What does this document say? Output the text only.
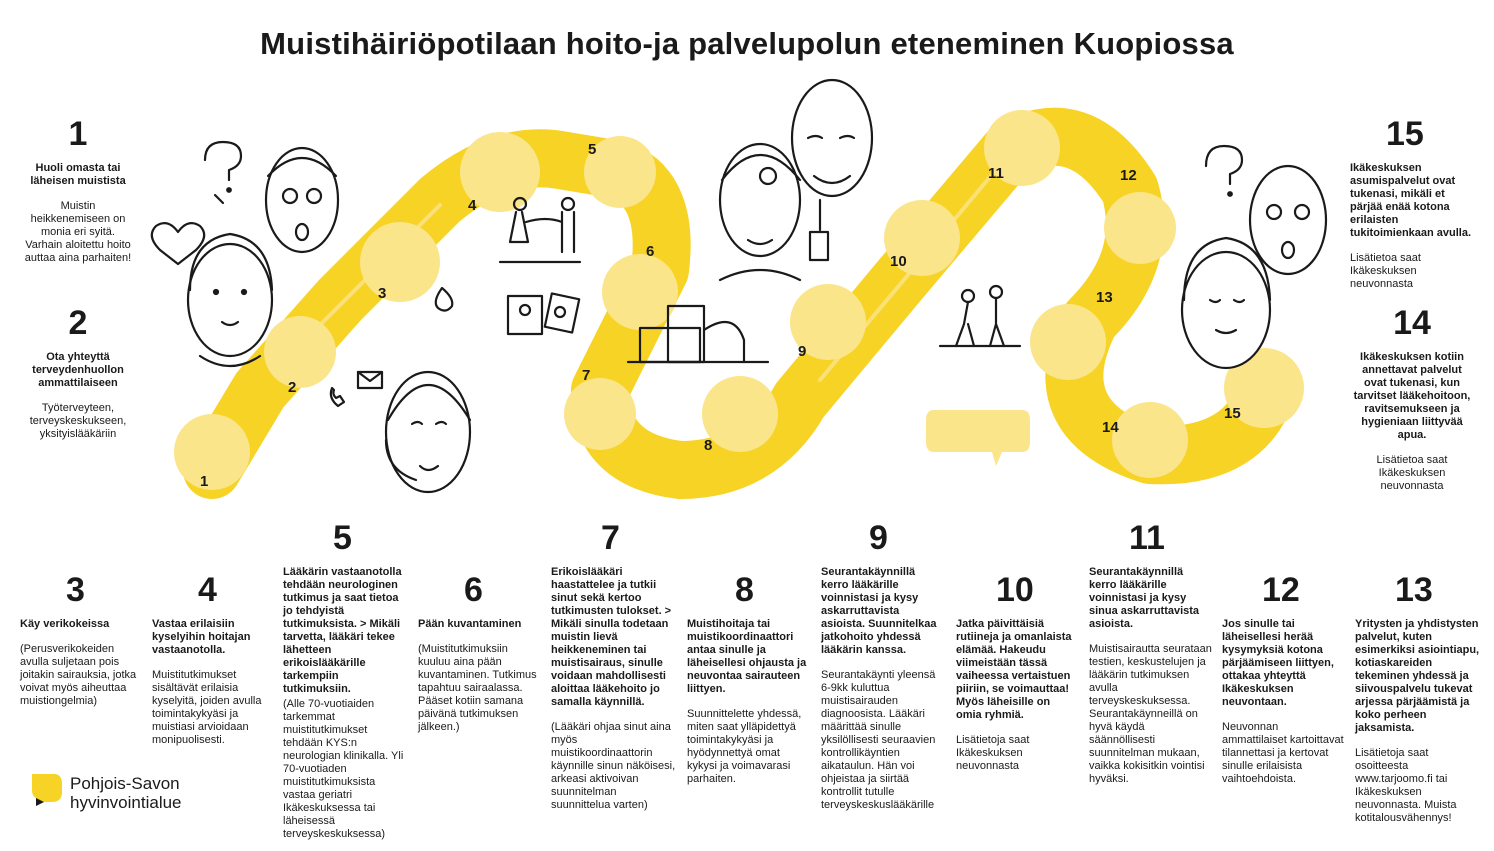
Muistihäiriöpotilaan hoito-ja palvelupolun eteneminen Kuopiossa
1
2
3
4
5
6
7
8
9
10
11	12
13
14
15
1
Huoli omasta tai läheisen muistista
Muistin heikkenemiseen on monia eri syitä. Varhain aloitettu hoito auttaa aina parhaiten!
2
Ota yhteyttä terveydenhuollon ammattilaiseen
Työterveyteen, terveyskeskukseen, yksityislääkäriin
3
Käy verikokeissa
(Perusverikokeiden avulla suljetaan pois joitakin sairauksia, jotka voivat myös aiheuttaa muistiongelmia)
4
Vastaa erilaisiin kyselyihin hoitajan vastaanotolla.
Muistitutkimukset sisältävät erilaisia kyselyitä, joiden avulla toimintakykyäsi ja muistiasi arvioidaan monipuolisesti.
5
Lääkärin vastaanotolla tehdään neurologinen tutkimus ja saat tietoa jo tehdyistä tutkimuksista. > Mikäli tarvetta, lääkäri tekee lähetteen erikoislääkärille tarkempiin tutkimuksiin.
(Alle 70-vuotiaiden tarkemmat muistitutkimukset tehdään KYS:n neurologian klinikalla. Yli 70-vuotiaden muistitutkimuksista vastaa geriatri Ikäkeskuksessa tai läheisessä terveyskeskuksessa)
6
Pään kuvantaminen
(Muistitutkimuksiin kuuluu aina pään kuvantaminen. Tutkimus tapahtuu sairaalassa. Pääset kotiin samana päivänä tutkimuksen jälkeen.)
7
Erikoislääkäri haastattelee ja tutkii sinut sekä kertoo tutkimusten tulokset. > Mikäli sinulla todetaan muistin lievä heikkeneminen tai muistisairaus, sinulle voidaan mahdollisesti aloittaa lääkehoito jo samalla käynnillä.
(Lääkäri ohjaa sinut aina myös muistikoordinaattorin käynnille sinun näköisesi, arkeasi aktivoivan suunnitelman suunnittelua varten)
8
Muistihoitaja tai muistikoordinaattori antaa sinulle ja läheisellesi ohjausta ja neuvontaa sairauteen liittyen.
Suunnittelette yhdessä, miten saat ylläpidettyä toimintakykyäsi ja hyödynnettyä omat kykysi ja voimavarasi parhaiten.
9
Seurantakäynnillä kerro lääkärille voinnistasi ja kysy askarruttavista asioista. Suunnitelkaa jatkohoito yhdessä lääkärin kanssa.
Seurantakäynti yleensä 6-9kk kuluttua muistisairauden diagnoosista. Lääkäri määrittää sinulle yksilöllisesti seuraavien kontrollikäyntien aikataulun. Hän voi ohjeistaa ja siirtää kontrollit tutulle terveyskeskuslääkärille
10
Jatka päivittäisiä rutiineja ja omanlaista elämää. Hakeudu viimeistään tässä vaiheessa vertaistuen piiriin, se voimauttaa! Myös läheisille on omia ryhmiä.
Lisätietoja saat Ikäkeskuksen neuvonnasta
11
Seurantakäynnillä kerro lääkärille voinnistasi ja kysy sinua askarruttavista asioista.
Muistisairautta seurataan testien, keskustelujen ja lääkärin tutkimuksen avulla terveyskeskuksessa. Seurantakäynneillä on hyvä käydä säännöllisesti suunnitelman mukaan, vaikka kokisitkin vointisi hyväksi.
12
Jos sinulle tai läheisellesi herää kysymyksiä kotona pärjäämiseen liittyen, ottakaa yhteyttä Ikäkeskuksen neuvontaan.
Neuvonnan ammattilaiset kartoittavat tilannettasi ja kertovat sinulle erilaisista vaihtoehdoista.
13
Yritysten ja yhdistysten palvelut, kuten esimerkiksi asiointiapu, kotiaskareiden tekeminen yhdessä ja siivouspalvelu tukevat arjessa pärjäämistä ja koko perheen jaksamista.
Lisätietoja saat osoitteesta www.tarjoomo.fi tai Ikäkeskuksen neuvonnasta. Muista kotitalousvähennys!
14
Ikäkeskuksen kotiin annettavat palvelut ovat tukenasi, kun tarvitset lääkehoitoon, ravitsemukseen ja hygieniaan liittyvää apua.
Lisätietoa saat Ikäkeskuksen neuvonnasta
15
Ikäkeskuksen asumispalvelut ovat tukenasi, mikäli et pärjää enää kotona erilaisten tukitoimienkaan avulla.
Lisätietoa saat Ikäkeskuksen neuvonnasta
Pohjois-Savon
hyvinvointialue
